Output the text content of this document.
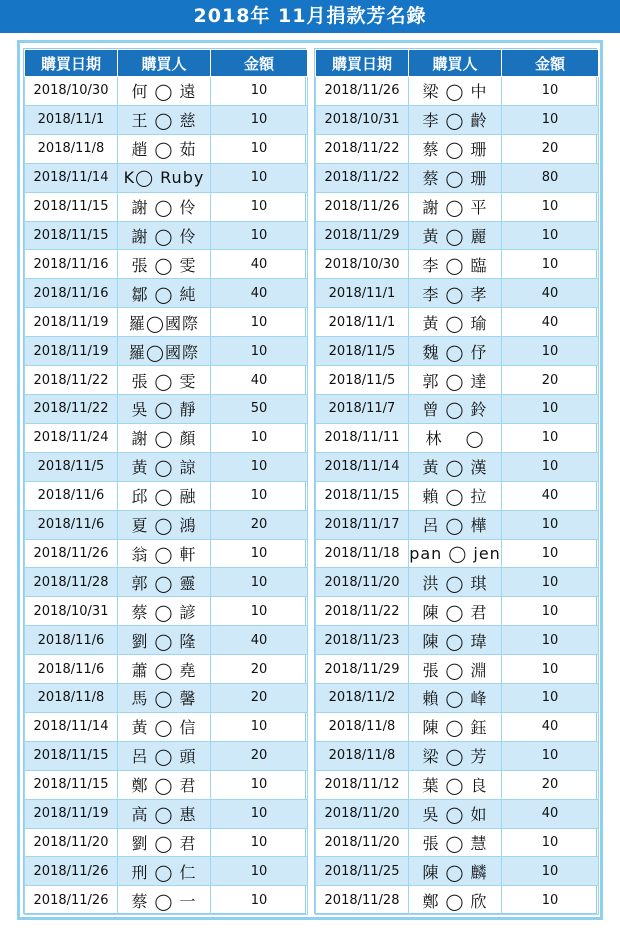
2018年 11月捐款芳名錄
購買日期	購買人	金額
2018/10/30	何 ◯ 遠	10
2018/11/1	王 ◯ 慈	10
2018/11/8	趙 ◯ 茹	10
2018/11/14	K◯ Ruby	10
2018/11/15	謝 ◯ 伶	10
2018/11/15	謝 ◯ 伶	10
2018/11/16	張 ◯ 雯	40
2018/11/16	鄒 ◯ 純	40
2018/11/19	羅◯國際	10
2018/11/19	羅◯國際	10
2018/11/22	張 ◯ 雯	40
2018/11/22	吳 ◯ 靜	50
2018/11/24	謝 ◯ 顏	10
2018/11/5	黃 ◯ 諒	10
2018/11/6	邱 ◯ 融	10
2018/11/6	夏 ◯ 鴻	20
2018/11/26	翁 ◯ 軒	10
2018/11/28	郭 ◯ 靈	10
2018/10/31	蔡 ◯ 諺	10
2018/11/6	劉 ◯ 隆	40
2018/11/6	蕭 ◯ 堯	20
2018/11/8	馬 ◯ 馨	20
2018/11/14	黃 ◯ 信	10
2018/11/15	呂 ◯ 頭	20
2018/11/15	鄭 ◯ 君	10
2018/11/19	高 ◯ 惠	10
2018/11/20	劉 ◯ 君	10
2018/11/26	刑 ◯ 仁	10
2018/11/26	蔡 ◯ 一	10
購買日期	購買人	金額
2018/11/26	梁 ◯ 中	10
2018/10/31	李 ◯ 齡	10
2018/11/22	蔡 ◯ 珊	20
2018/11/22	蔡 ◯ 珊	80
2018/11/26	謝 ◯ 平	10
2018/11/29	黃 ◯ 麗	10
2018/10/30	李 ◯ 臨	10
2018/11/1	李 ◯ 孝	40
2018/11/1	黃 ◯ 瑜	40
2018/11/5	魏 ◯ 伃	10
2018/11/5	郭 ◯ 達	20
2018/11/7	曾 ◯ 鈴	10
2018/11/11	林　 ◯	10
2018/11/14	黃 ◯ 漢	10
2018/11/15	賴 ◯ 拉	40
2018/11/17	呂 ◯ 樺	10
2018/11/18	pan ◯ jen	10
2018/11/20	洪 ◯ 琪	10
2018/11/22	陳 ◯ 君	10
2018/11/23	陳 ◯ 瑋	10
2018/11/29	張 ◯ 淵	10
2018/11/2	賴 ◯ 峰	10
2018/11/8	陳 ◯ 鈺	40
2018/11/8	梁 ◯ 芳	10
2018/11/12	葉 ◯ 良	20
2018/11/20	吳 ◯ 如	40
2018/11/20	張 ◯ 慧	10
2018/11/25	陳 ◯ 麟	10
2018/11/28	鄭 ◯ 欣	10
